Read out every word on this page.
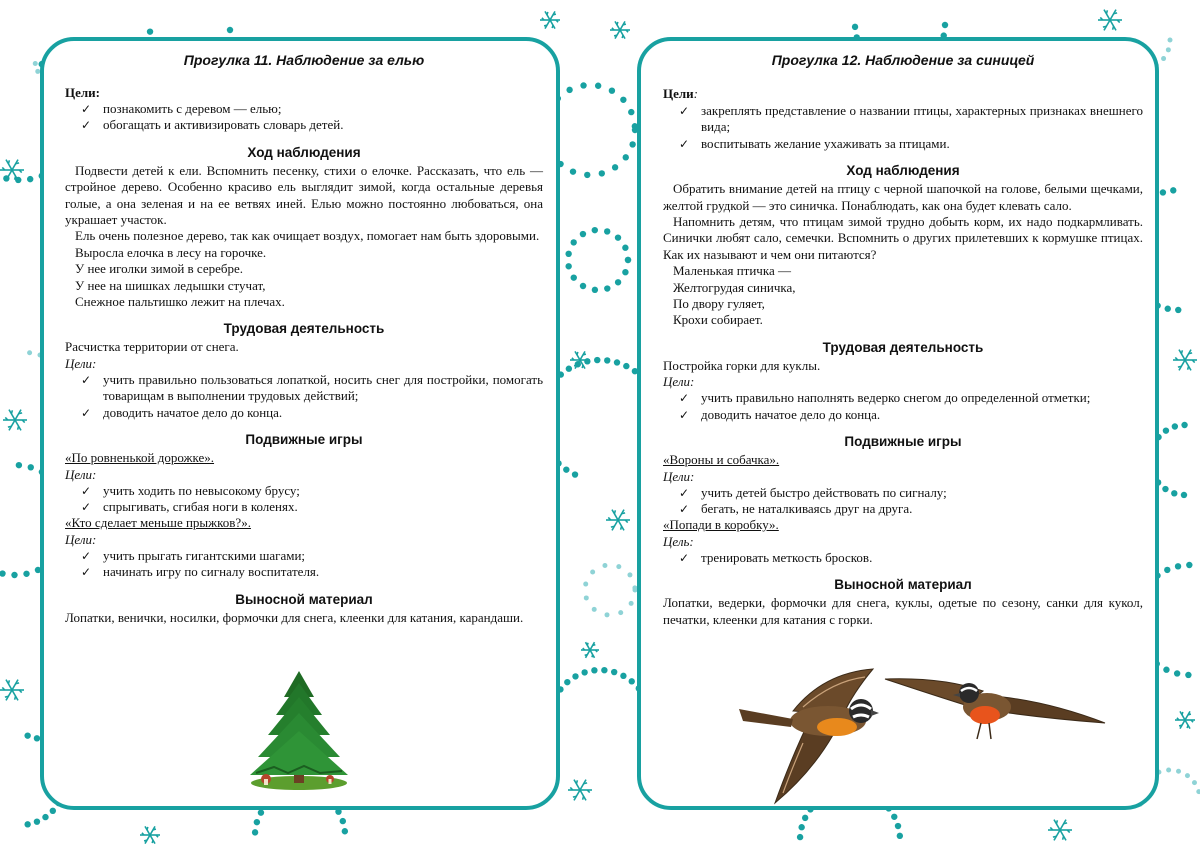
Прогулка 11. Наблюдение за елью
Цели:
✓ познакомить с деревом — елью;
✓ обогащать и активизировать словарь детей.
Ход наблюдения

Подвести детей к ели. Вспомнить песенку, стихи о елочке. Рассказать, что ель — стройное дерево. Особенно красиво ель выглядит зимой, когда остальные деревья голые, а она зеленая и на ее ветвях иней. Елью можно постоянно любоваться, она украшает участок.

Ель очень полезное дерево, так как очищает воздух, помогает нам быть здоровыми.

Выросла елочка в лесу на горочке.
У нее иголки зимой в серебре.
У нее на шишках ледышки стучат,
Снежное пальтишко лежит на плечах.
Трудовая деятельность
Расчистка территории от снега.
Цели:
✓ учить правильно пользоваться лопаткой, носить снег для постройки, помогать товарищам в выполнении трудовых действий;
✓ доводить начатое дело до конца.
Подвижные игры
«По ровненькой дорожке».
Цели:
✓ учить ходить по невысокому брусу;
✓ спрыгивать, сгибая ноги в коленях.
«Кто сделает меньше прыжков?».
Цели:
✓ учить прыгать гигантскими шагами;
✓ начинать игру по сигналу воспитателя.
Выносной материал

Лопатки, венички, носилки, формочки для снега, клеенки для катания, карандаши.

Прогулка 12. Наблюдение за синицей
Цели:
✓ закреплять представление о названии птицы, характерных признаках внешнего вида;
✓ воспитывать желание ухаживать за птицами.
Ход наблюдения

Обратить внимание детей на птицу с черной шапочкой на голове, белыми щечками, желтой грудкой — это синичка. Понаблюдать, как она будет клевать сало.

Напомнить детям, что птицам зимой трудно добыть корм, их надо подкармливать. Синички любят сало, семечки. Вспомнить о других прилетевших к кормушке птицах. Как их называют и чем они питаются?

Маленькая птичка —
Желтогрудая синичка,
По двору гуляет,
Крохи собирает.
Трудовая деятельность
Постройка горки для куклы.
Цели:
✓ учить правильно наполнять ведерко снегом до определенной отметки;
✓ доводить начатое дело до конца.
Подвижные игры
«Вороны и собачка».
Цели:
✓ учить детей быстро действовать по сигналу;
✓ бегать, не наталкиваясь друг на друга.
«Попади в коробку».
Цель:
✓ тренировать меткость бросков.
Выносной материал

Лопатки, ведерки, формочки для снега, куклы, одетые по сезону, санки для кукол, печатки, клеенки для катания с горки.
